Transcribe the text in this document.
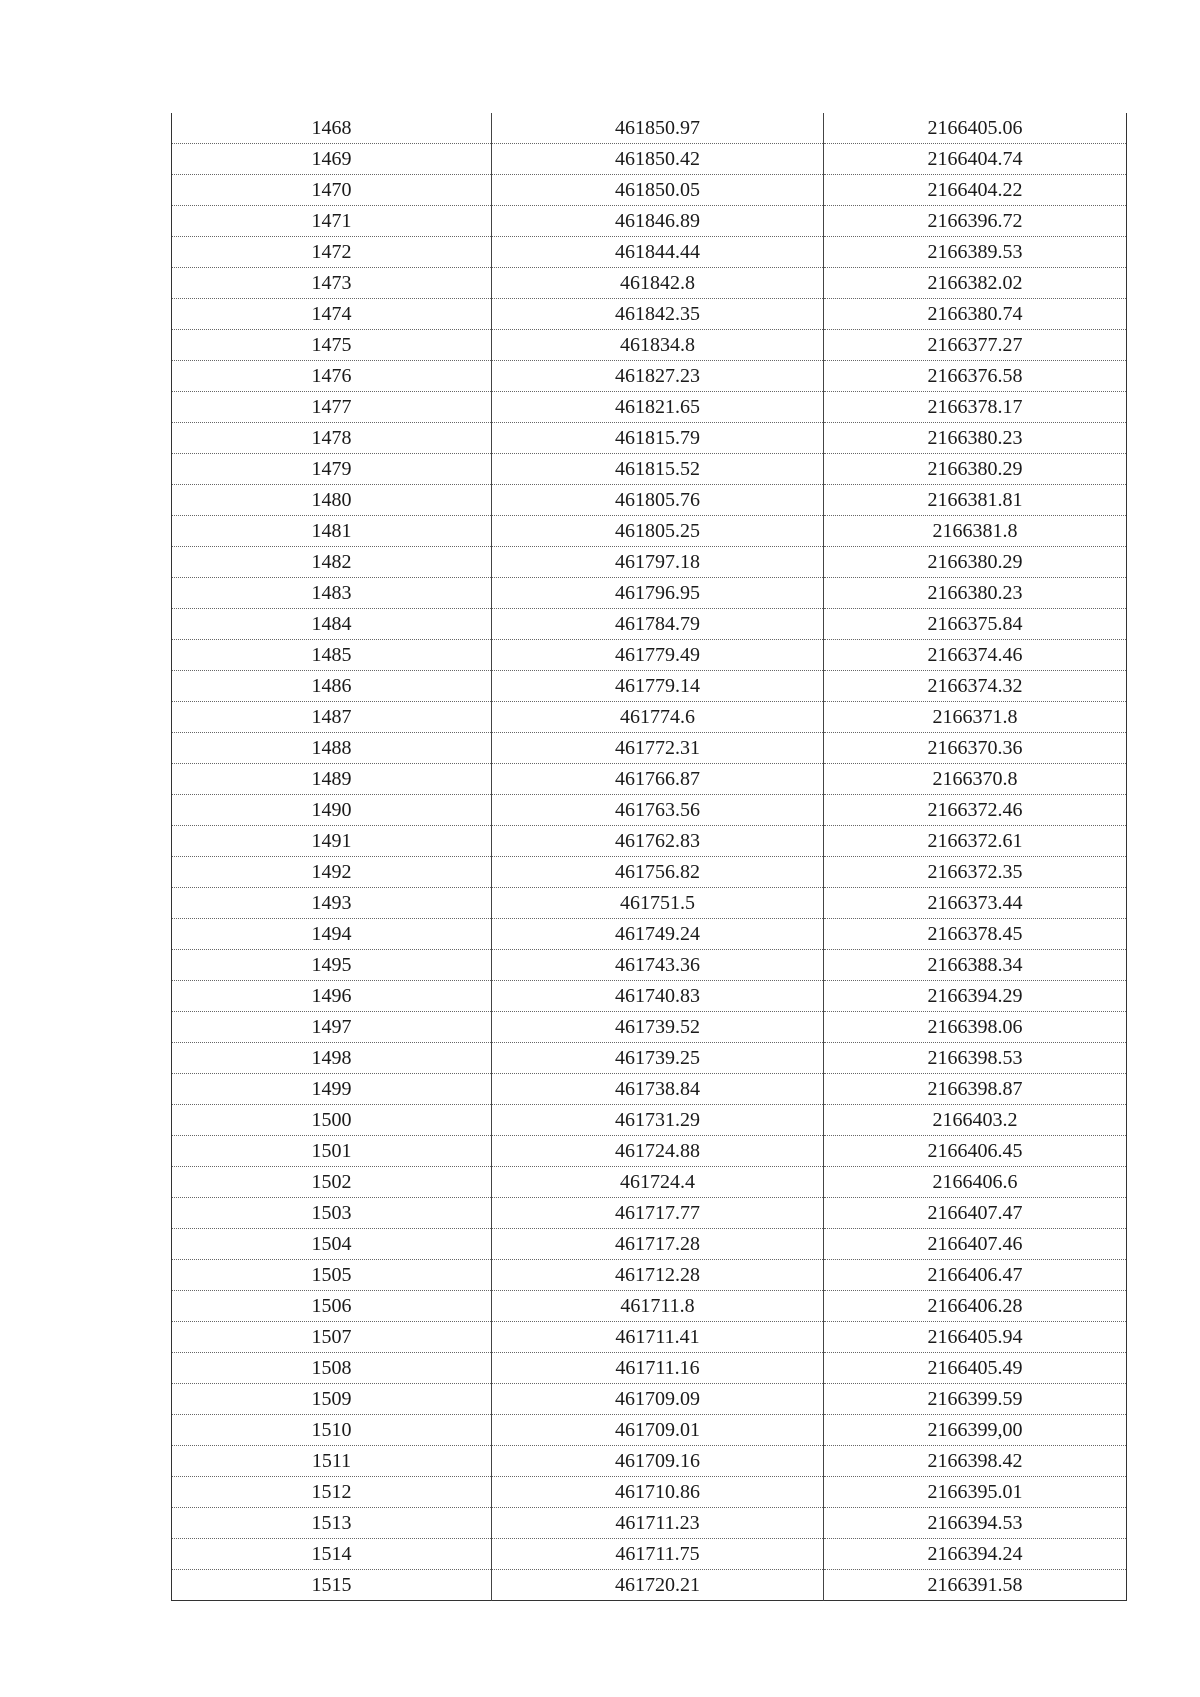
1468	461850.97	2166405.06
1469	461850.42	2166404.74
1470	461850.05	2166404.22
1471	461846.89	2166396.72
1472	461844.44	2166389.53
1473	461842.8	2166382.02
1474	461842.35	2166380.74
1475	461834.8	2166377.27
1476	461827.23	2166376.58
1477	461821.65	2166378.17
1478	461815.79	2166380.23
1479	461815.52	2166380.29
1480	461805.76	2166381.81
1481	461805.25	2166381.8
1482	461797.18	2166380.29
1483	461796.95	2166380.23
1484	461784.79	2166375.84
1485	461779.49	2166374.46
1486	461779.14	2166374.32
1487	461774.6	2166371.8
1488	461772.31	2166370.36
1489	461766.87	2166370.8
1490	461763.56	2166372.46
1491	461762.83	2166372.61
1492	461756.82	2166372.35
1493	461751.5	2166373.44
1494	461749.24	2166378.45
1495	461743.36	2166388.34
1496	461740.83	2166394.29
1497	461739.52	2166398.06
1498	461739.25	2166398.53
1499	461738.84	2166398.87
1500	461731.29	2166403.2
1501	461724.88	2166406.45
1502	461724.4	2166406.6
1503	461717.77	2166407.47
1504	461717.28	2166407.46
1505	461712.28	2166406.47
1506	461711.8	2166406.28
1507	461711.41	2166405.94
1508	461711.16	2166405.49
1509	461709.09	2166399.59
1510	461709.01	2166399,00
1511	461709.16	2166398.42
1512	461710.86	2166395.01
1513	461711.23	2166394.53
1514	461711.75	2166394.24
1515	461720.21	2166391.58
